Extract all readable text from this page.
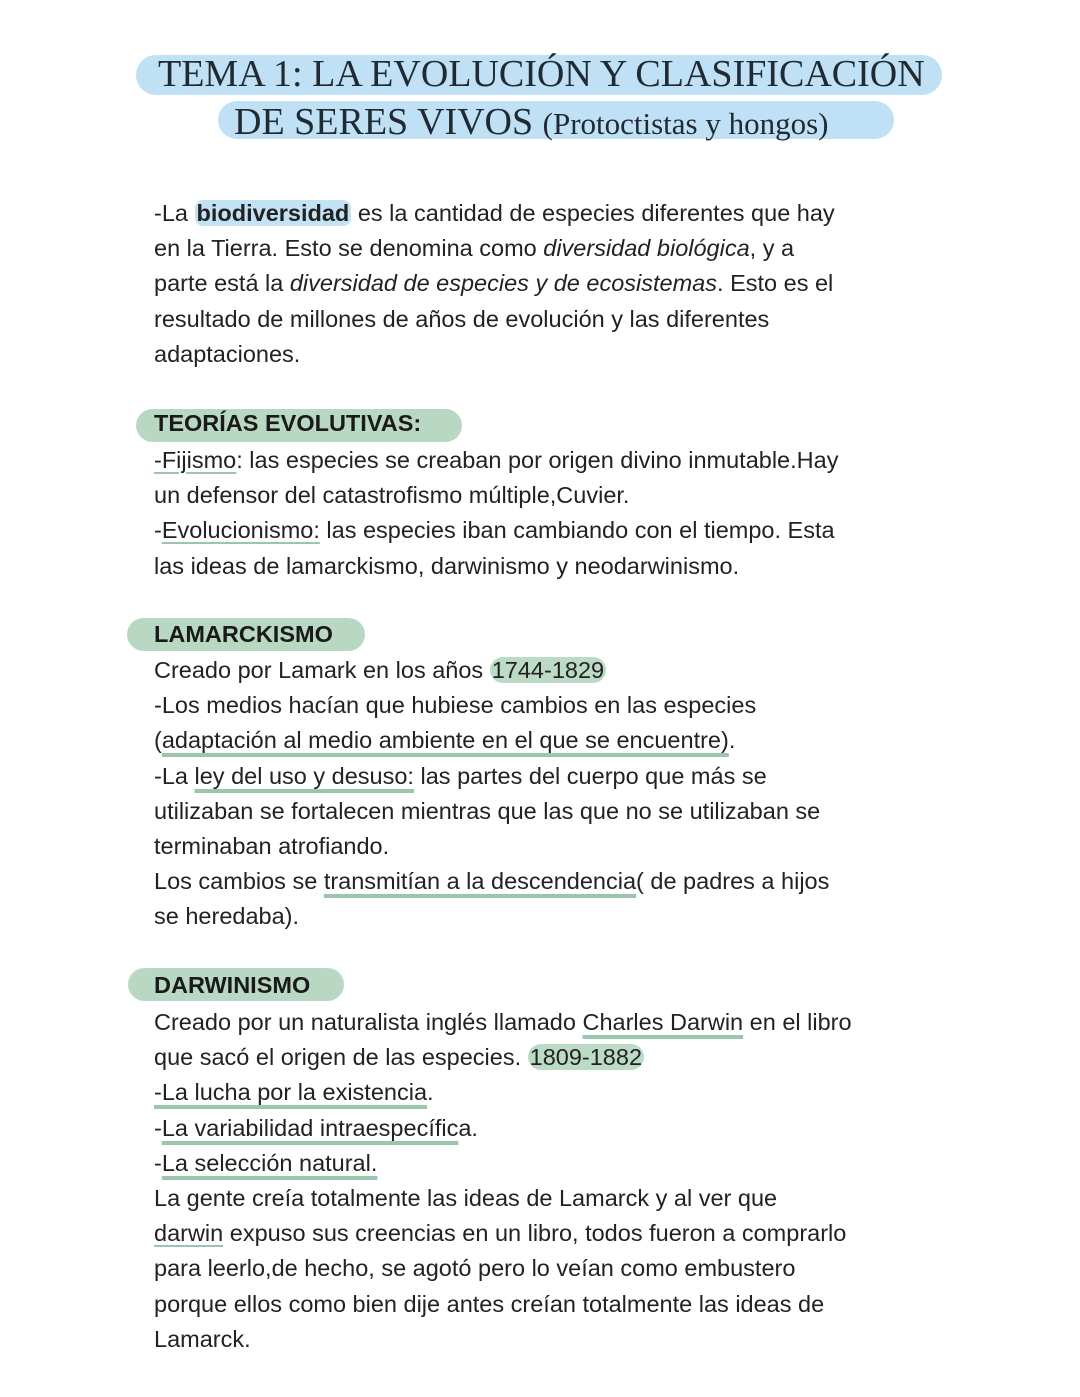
TEMA 1: LA EVOLUCIÓN Y CLASIFICACIÓN
DE SERES VIVOS (Protoctistas y hongos)
-La biodiversidad es la cantidad de especies diferentes que hay
en la Tierra. Esto se denomina como diversidad biológica, y a
parte está la diversidad de especies y de ecosistemas. Esto es el
resultado de millones de años de evolución y las diferentes
adaptaciones.
TEORÍAS EVOLUTIVAS:
-Fijismo: las especies se creaban por origen divino inmutable.Hay
un defensor del catastrofismo múltiple,Cuvier.
-Evolucionismo: las especies iban cambiando con el tiempo. Esta
las ideas de lamarckismo, darwinismo y neodarwinismo.
LAMARCKISMO
Creado por Lamark en los años 1744-1829
-Los medios hacían que hubiese cambios en las especies
(adaptación al medio ambiente en el que se encuentre).
-La ley del uso y desuso: las partes del cuerpo que más se
utilizaban se fortalecen mientras que las que no se utilizaban se
terminaban atrofiando.
Los cambios se transmitían a la descendencia( de padres a hijos
se heredaba).
DARWINISMO
Creado por un naturalista inglés llamado Charles Darwin en el libro
que sacó el origen de las especies. 1809-1882
-La lucha por la existencia.
-La variabilidad intraespecífica.
-La selección natural.
La gente creía totalmente las ideas de Lamarck y al ver que
darwin expuso sus creencias en un libro, todos fueron a comprarlo
para leerlo,de hecho, se agotó pero lo veían como embustero
porque ellos como bien dije antes creían totalmente las ideas de
Lamarck.
